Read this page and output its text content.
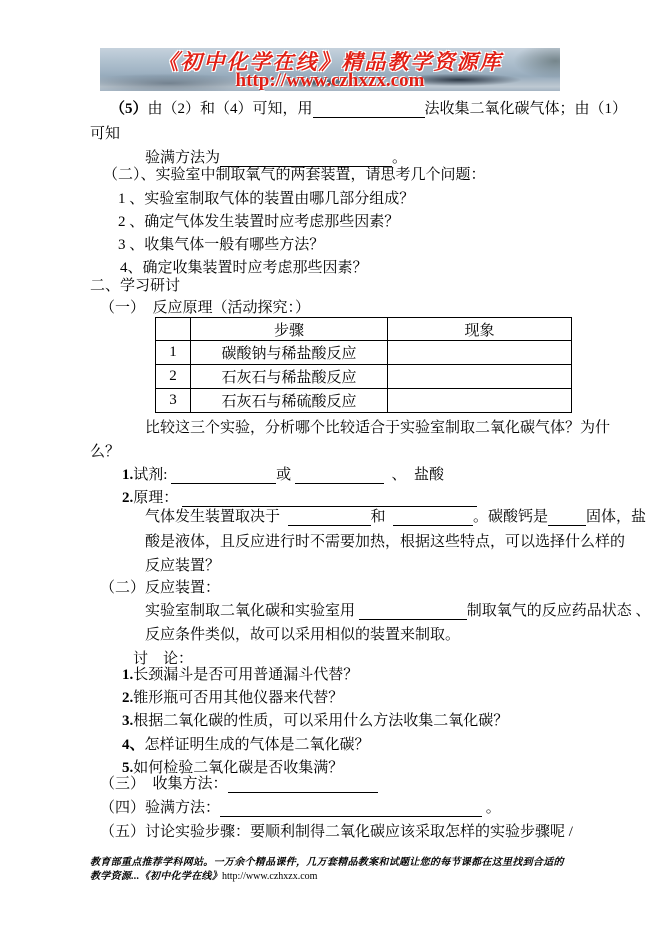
《初中化学在线》精品教学资源库
http://www.czhxzx.com
（5）由（2）和（4）可知，用	法收集二氧化碳气体；由（1）
可知
验满方法为	。
（二）、实验室中制取氧气的两套装置，请思考几个问题：
1 、实验室制取气体的装置由哪几部分组成？
2 、确定气体发生装置时应考虑那些因素？
3 、收集气体一般有哪些方法？
4、确定收集装置时应考虑那些因素？
二、学习研讨
（一）  反应原理（活动探究：）
	步骤	现象
1	碳酸钠与稀盐酸反应	
2	石灰石与稀盐酸反应	
3	石灰石与稀硫酸反应	
比较这三个实验，分析哪个比较适合于实验室制取二氧化碳气体？为什
么？
1.试剂:	或	、  盐酸
2.原理：
气体发生装置取决于	和	。碳酸钙是	固体，盐
酸是液体，且反应进行时不需要加热，根据这些特点，可以选择什么样的
反应装置？
（二）反应装置：
实验室制取二氧化碳和实验室用	制取氧气的反应药品状态 、
反应条件类似，故可以采用相似的装置来制取。
讨    论：
1.长颈漏斗是否可用普通漏斗代替？
2.锥形瓶可否用其他仪器来代替？
3.根据二氧化碳的性质，可以采用什么方法收集二氧化碳？
4、怎样证明生成的气体是二氧化碳？
5.如何检验二氧化碳是否收集满？
（三）  收集方法：
（四）验满方法：	。
（五）讨论实验步骤：要顺利制得二氧化碳应该采取怎样的实验步骤呢 /
教育部重点推荐学科网站。一万余个精品课件，几万套精品教案和试题让您的每节课都在这里找到合适的
教学资源...《初中化学在线》http://www.czhxzx.com
